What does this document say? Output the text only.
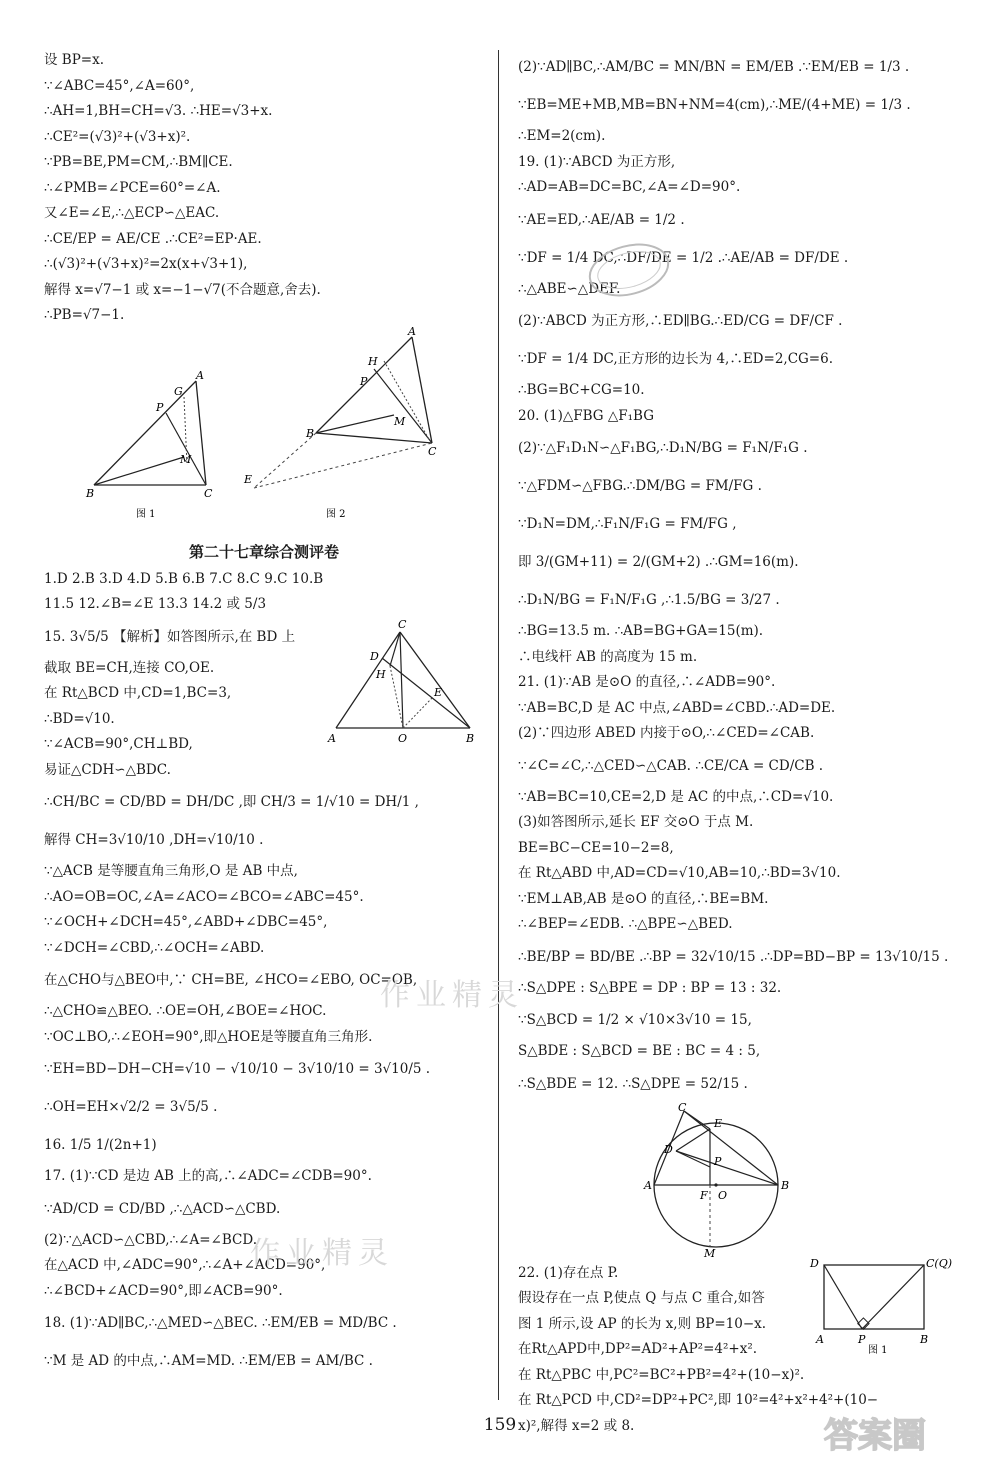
设 BP=x.
∵∠ABC=45°,∠A=60°,
∴AH=1,BH=CH=√3. ∴HE=√3+x.
∴CE²=(√3)²+(√3+x)².
∵PB=BE,PM=CM,∴BM∥CE.
∴∠PMB=∠PCE=60°=∠A.
又∠E=∠E,∴△ECP∽△EAC.
∴CE/EP = AE/CE .∴CE²=EP·AE.
∴(√3)²+(√3+x)²=2x(x+√3+1),
解得 x=√7−1 或 x=−1−√7(不合题意,舍去).
∴PB=√7−1.
A
G
P
M
B	C
图 1
A
H
P
M
B
C
E
图 2
第二十七章综合测评卷
1.D 2.B 3.D 4.D 5.B 6.B 7.C 8.C 9.C 10.B
11.5 12.∠B=∠E 13.3 14.2 或 5/3
C
D
H
E
A	O	B
15. 3√5/5 【解析】如答图所示,在 BD 上
截取 BE=CH,连接 CO,OE.
在 Rt△BCD 中,CD=1,BC=3,
∴BD=√10.
∵∠ACB=90°,CH⊥BD,
易证△CDH∽△BDC.
∴CH/BC = CD/BD = DH/DC ,即 CH/3 = 1/√10 = DH/1 ,
解得 CH=3√10/10 ,DH=√10/10 .
∵△ACB 是等腰直角三角形,O 是 AB 中点,
∴AO=OB=OC,∠A=∠ACO=∠BCO=∠ABC=45°.
∵∠OCH+∠DCH=45°,∠ABD+∠DBC=45°,
∵∠DCH=∠CBD,∴∠OCH=∠ABD.
在△CHO与△BEO中,∵ CH=BE, ∠HCO=∠EBO, OC=OB,
∴△CHO≌△BEO. ∴OE=OH,∠BOE=∠HOC.
∵OC⊥BO,∴∠EOH=90°,即△HOE是等腰直角三角形.
∵EH=BD−DH−CH=√10 − √10/10 − 3√10/10 = 3√10/5 .
∴OH=EH×√2/2 = 3√5/5 .
16. 1/5 1/(2n+1)
17. (1)∵CD 是边 AB 上的高,∴∠ADC=∠CDB=90°.
∵AD/CD = CD/BD ,∴△ACD∽△CBD.
(2)∵△ACD∽△CBD,∴∠A=∠BCD.
在△ACD 中,∠ADC=90°,∴∠A+∠ACD=90°,
∴∠BCD+∠ACD=90°,即∠ACB=90°.
18. (1)∵AD∥BC,∴△MED∽△BEC. ∴EM/EB = MD/BC .
∵M 是 AD 的中点,∴AM=MD. ∴EM/EB = AM/BC .
(2)∵AD∥BC,∴AM/BC = MN/BN = EM/EB .∵EM/EB = 1/3 .
∵EB=ME+MB,MB=BN+NM=4(cm),∴ME/(4+ME) = 1/3 .
∴EM=2(cm).
19. (1)∵ABCD 为正方形,
∴AD=AB=DC=BC,∠A=∠D=90°.
∵AE=ED,∴AE/AB = 1/2 .
∵DF = 1/4 DC,∴DF/DE = 1/2 .∴AE/AB = DF/DE .
∴△ABE∽△DEF.
(2)∵ABCD 为正方形,∴ED∥BG.∴ED/CG = DF/CF .
∵DF = 1/4 DC,正方形的边长为 4,∴ED=2,CG=6.
∴BG=BC+CG=10.
20. (1)△FBG △F₁BG
(2)∵△F₁D₁N∽△F₁BG,∴D₁N/BG = F₁N/F₁G .
∵△FDM∽△FBG.∴DM/BG = FM/FG .
∵D₁N=DM,∴F₁N/F₁G = FM/FG ,
即 3/(GM+11) = 2/(GM+2) .∴GM=16(m).
∴D₁N/BG = F₁N/F₁G ,∴1.5/BG = 3/27 .
∴BG=13.5 m. ∴AB=BG+GA=15(m).
∴电线杆 AB 的高度为 15 m.
21. (1)∵AB 是⊙O 的直径,∴∠ADB=90°.
∵AB=BC,D 是 AC 中点,∠ABD=∠CBD.∴AD=DE.
(2)∵四边形 ABED 内接于⊙O,∴∠CED=∠CAB.
∵∠C=∠C,∴△CED∽△CAB. ∴CE/CA = CD/CB .
∵AB=BC=10,CE=2,D 是 AC 的中点,∴CD=√10.
(3)如答图所示,延长 EF 交⊙O 于点 M.
BE=BC−CE=10−2=8,
在 Rt△ABD 中,AD=CD=√10,AB=10,∴BD=3√10.
∵EM⊥AB,AB 是⊙O 的直径,∴BE=BM.
∴∠BEP=∠EDB. ∴△BPE∽△BED.
∴BE/BP = BD/BE .∴BP = 32√10/15 .∴DP=BD−BP = 13√10/15 .
∴S△DPE : S△BPE = DP : BP = 13 : 32.
∵S△BCD = 1/2 × √10×3√10 = 15,
S△BDE : S△BCD = BE : BC = 4 : 5,
∴S△BDE = 12. ∴S△DPE = 52/15 .
C
E
D
P
A
F O
B
M
D	C(Q)
A	P	B
图 1
22. (1)存在点 P.
假设存在一点 P,使点 Q 与点 C 重合,如答
图 1 所示,设 AP 的长为 x,则 BP=10−x.
在Rt△APD中,DP²=AD²+AP²=4²+x².
在 Rt△PBC 中,PC²=BC²+PB²=4²+(10−x)².
在 Rt△PCD 中,CD²=DP²+PC²,即 10²=4²+x²+4²+(10−
x)²,解得 x=2 或 8.
作业精灵
作业精灵
159	答案圈
